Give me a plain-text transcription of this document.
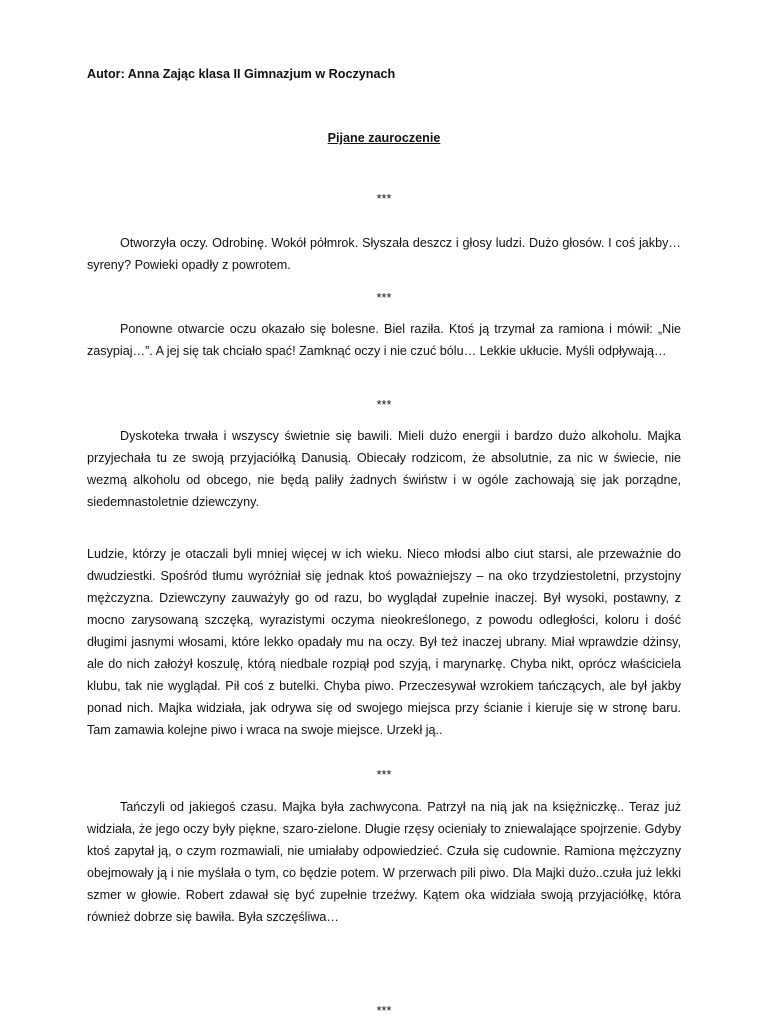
Autor: Anna Zając klasa II Gimnazjum w Roczynach
Pijane zauroczenie
***

Otworzyła oczy. Odrobinę. Wokół półmrok. Słyszała deszcz i głosy ludzi. Dużo głosów. I coś jakby… syreny? Powieki opadły z powrotem.

***

Ponowne otwarcie oczu okazało się bolesne. Biel raziła. Ktoś ją trzymał za ramiona i mówił: „Nie zasypiaj…”. A jej się tak chciało spać! Zamknąć oczy i nie czuć bólu… Lekkie ukłucie. Myśli odpływają…

***

Dyskoteka trwała i wszyscy świetnie się bawili. Mieli dużo energii i bardzo dużo alkoholu. Majka przyjechała tu ze swoją przyjaciółką Danusią. Obiecały rodzicom, że absolutnie, za nic w świecie, nie wezmą alkoholu od obcego, nie będą paliły żadnych świństw i w ogóle zachowają się jak porządne, siedemnastoletnie dziewczyny.

Ludzie, którzy je otaczali byli mniej więcej w ich wieku. Nieco młodsi albo ciut starsi, ale przeważnie do dwudziestki. Spośród tłumu wyróżniał się jednak ktoś poważniejszy – na oko trzydziestoletni, przystojny mężczyzna. Dziewczyny zauważyły go od razu, bo wyglądał zupełnie inaczej. Był wysoki, postawny, z mocno zarysowaną szczęką, wyrazistymi oczyma nieokreślonego, z powodu odległości, koloru i dość długimi jasnymi włosami, które lekko opadały mu na oczy. Był też inaczej ubrany. Miał wprawdzie dżinsy, ale do nich założył koszulę, którą niedbale rozpiął pod szyją, i marynarkę. Chyba nikt, oprócz właściciela klubu, tak nie wyglądał. Pił coś z butelki. Chyba piwo. Przeczesywał wzrokiem tańczących, ale był jakby ponad nich. Majka widziała, jak odrywa się od swojego miejsca przy ścianie i kieruje się w stronę baru. Tam zamawia kolejne piwo i wraca na swoje miejsce. Urzekł ją..

***

Tańczyli od jakiegoś czasu. Majka była zachwycona. Patrzył na nią jak na księżniczkę.. Teraz już widziała, że jego oczy były piękne, szaro-zielone. Długie rzęsy ocieniały to zniewalające spojrzenie. Gdyby ktoś zapytał ją, o czym rozmawiali, nie umiałaby odpowiedzieć. Czuła się cudownie. Ramiona mężczyzny obejmowały ją i nie myślała o tym, co będzie potem. W przerwach pili piwo. Dla Majki dużo..czuła już lekki szmer w głowie. Robert zdawał się być zupełnie trzeźwy. Kątem oka widziała swoją przyjaciółkę, która również dobrze się bawiła. Była szczęśliwa…

***
